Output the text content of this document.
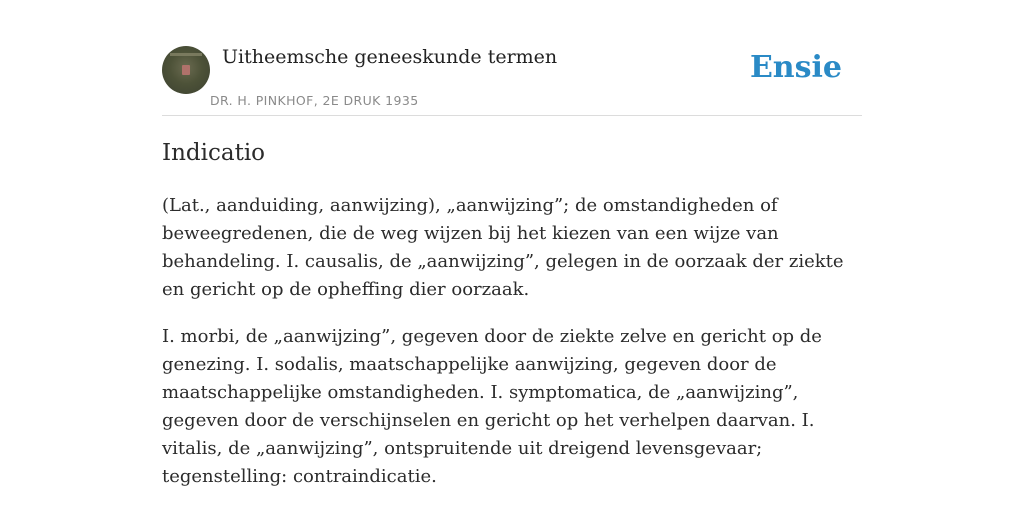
Uitheemsche geneeskunde termen
DR. H. PINKHOF, 2E DRUK 1935
Ensie
Indicatio

(Lat., aanduiding, aanwijzing), „aanwijzing”; de omstandigheden of beweegredenen, die de weg wijzen bij het kiezen van een wijze van behandeling. I. causalis, de „aanwijzing”, gelegen in de oorzaak der ziekte en gericht op de opheffing dier oorzaak.

I. morbi, de „aanwijzing”, gegeven door de ziekte zelve en gericht op de genezing. I. sodalis, maatschappelijke aanwijzing, gegeven door de maatschappelijke omstandigheden. I. symptomatica, de „aanwijzing”, gegeven door de verschijnselen en gericht op het verhelpen daarvan. I. vitalis, de „aanwijzing”, ontspruitende uit dreigend levensgevaar; tegenstelling: contraindicatie.
